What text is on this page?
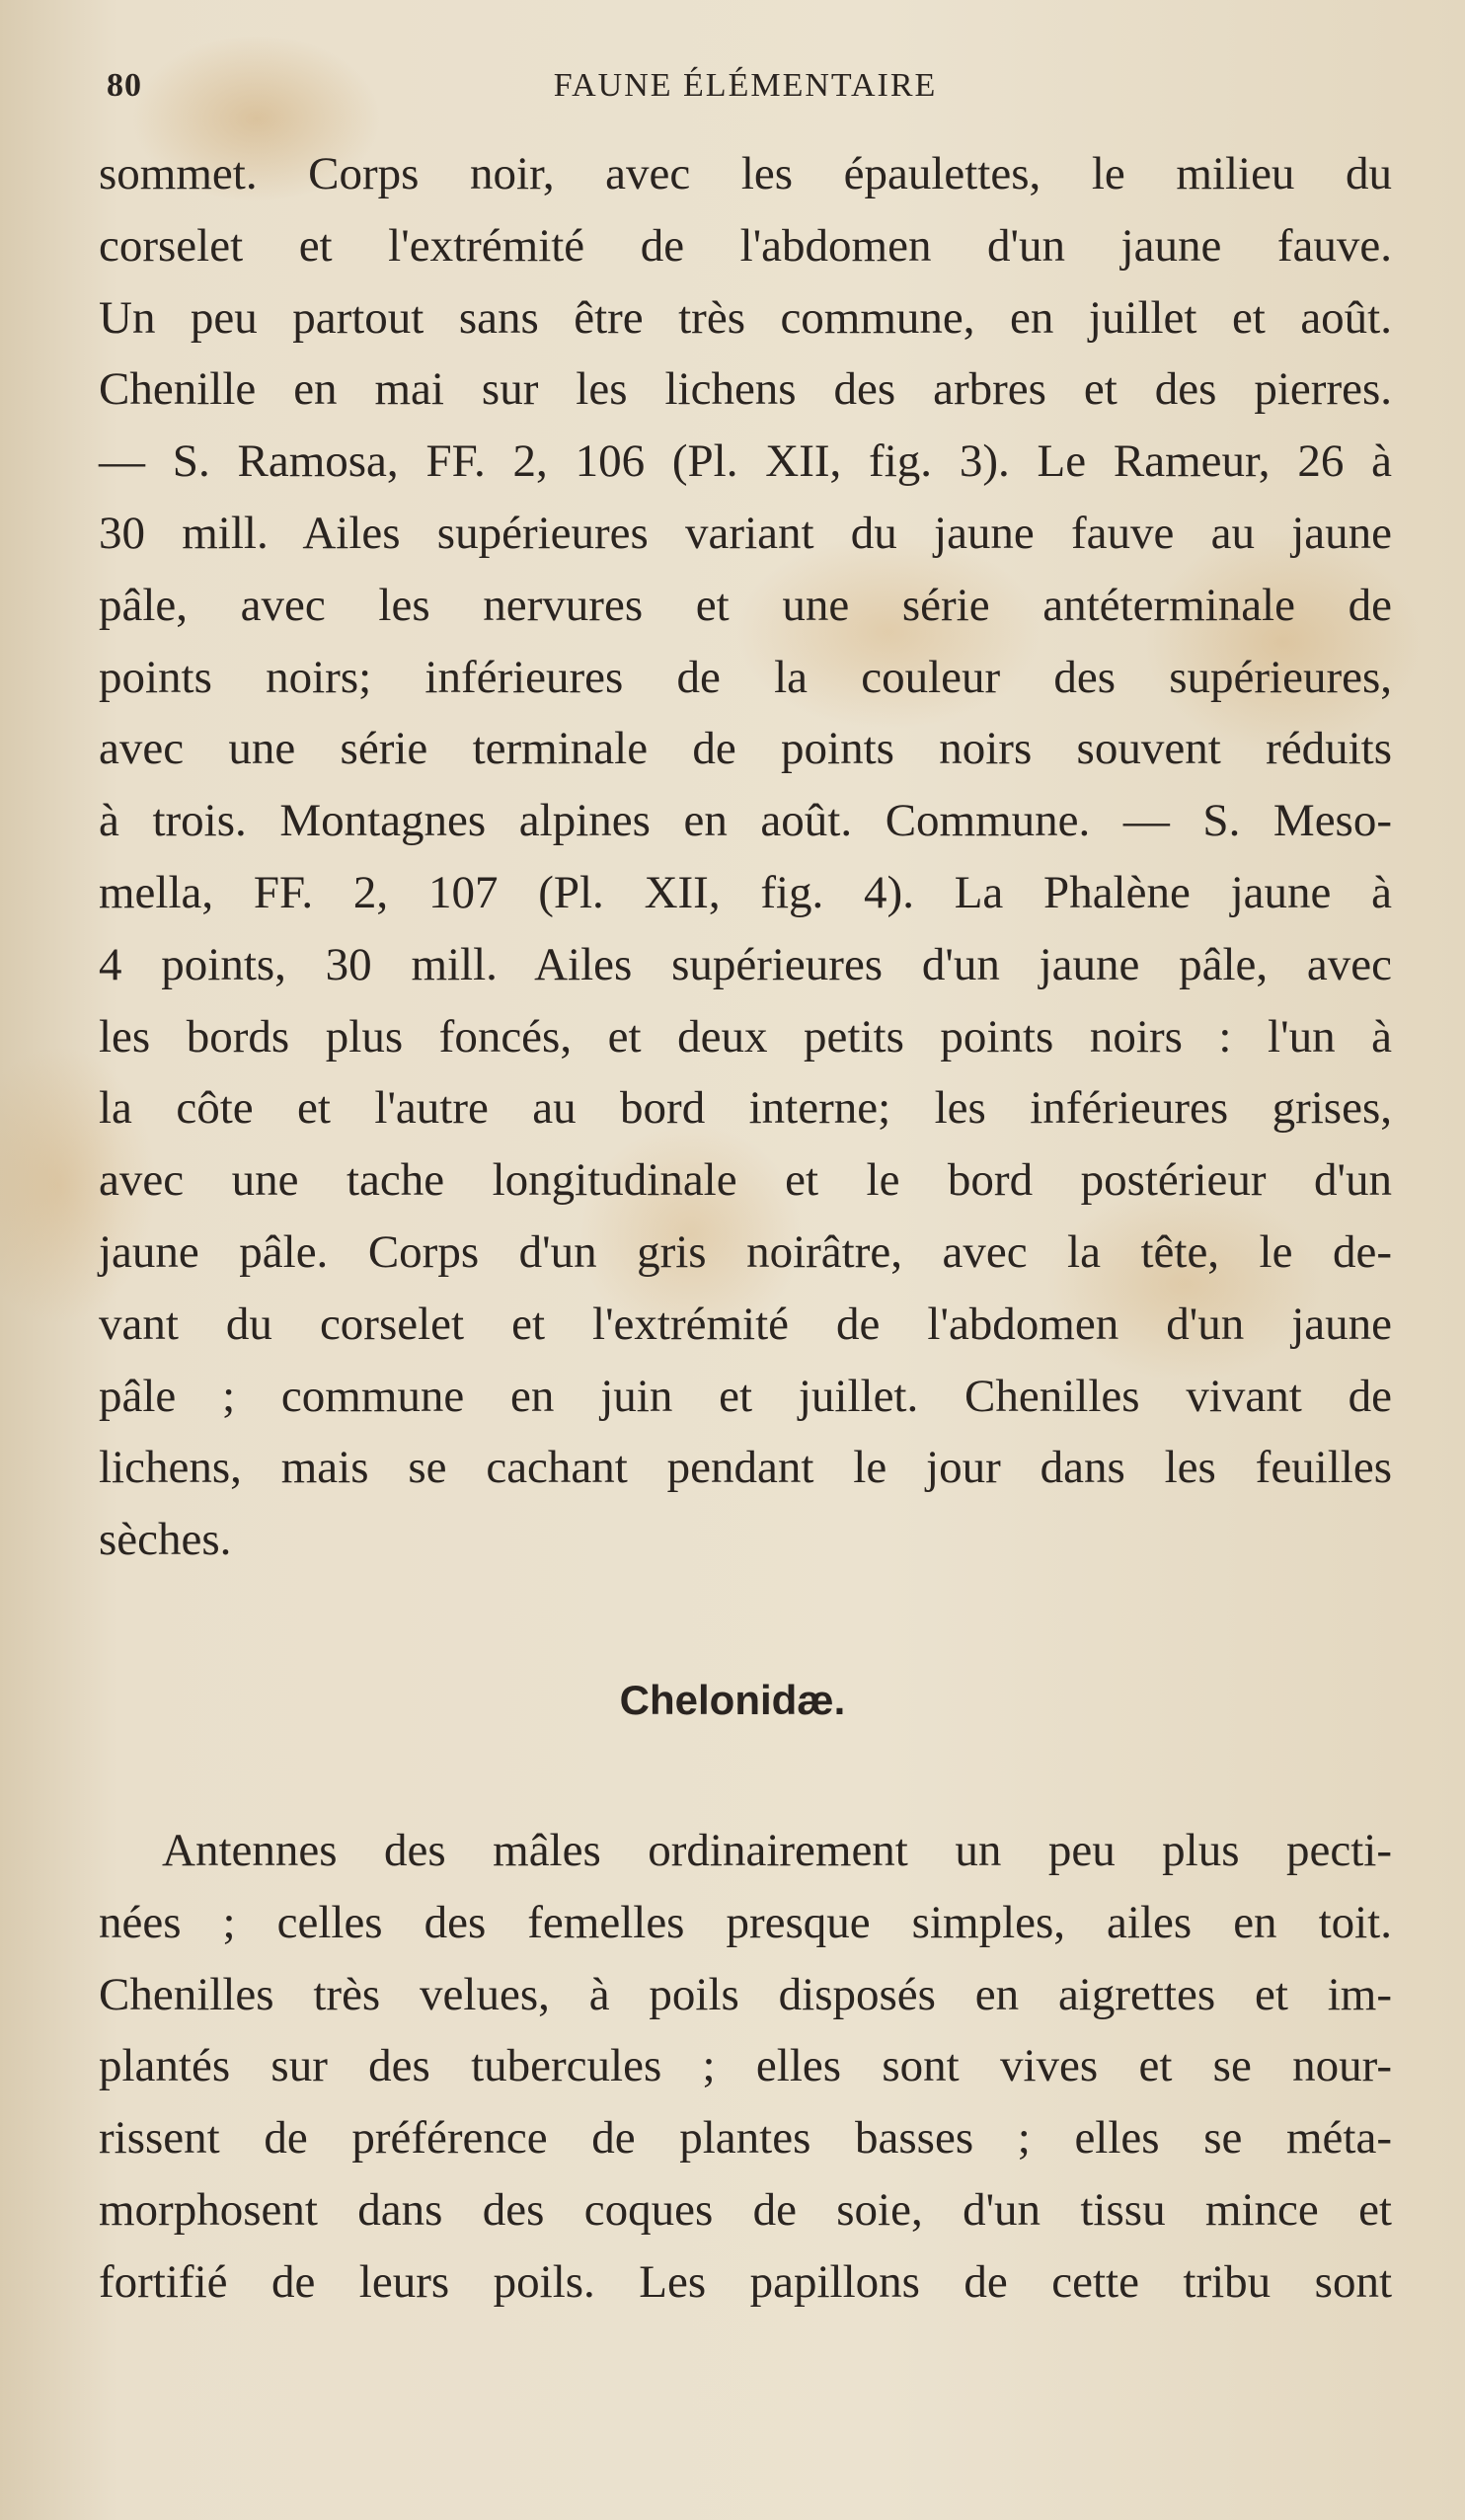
80	FAUNE ÉLÉMENTAIRE
sommet. Corps noir, avec les épaulettes, le milieu du
corselet et l'extrémité de l'abdomen d'un jaune fauve.
Un peu partout sans être très commune, en juillet et août.
Chenille en mai sur les lichens des arbres et des pierres.
— S. Ramosa, FF. 2, 106 (Pl. XII, fig. 3). Le Rameur, 26 à
30 mill. Ailes supérieures variant du jaune fauve au jaune
pâle, avec les nervures et une série antéterminale de
points noirs; inférieures de la couleur des supérieures,
avec une série terminale de points noirs souvent réduits
à trois. Montagnes alpines en août. Commune. — S. Meso-
mella, FF. 2, 107 (Pl. XII, fig. 4). La Phalène jaune à
4 points, 30 mill. Ailes supérieures d'un jaune pâle, avec
les bords plus foncés, et deux petits points noirs : l'un à
la côte et l'autre au bord interne; les inférieures grises,
avec une tache longitudinale et le bord postérieur d'un
jaune pâle. Corps d'un gris noirâtre, avec la tête, le de-
vant du corselet et l'extrémité de l'abdomen d'un jaune
pâle ; commune en juin et juillet. Chenilles vivant de
lichens, mais se cachant pendant le jour dans les feuilles
sèches.
Chelonidæ.
Antennes des mâles ordinairement un peu plus pecti-
nées ; celles des femelles presque simples, ailes en toit.
Chenilles très velues, à poils disposés en aigrettes et im-
plantés sur des tubercules ; elles sont vives et se nour-
rissent de préférence de plantes basses ; elles se méta-
morphosent dans des coques de soie, d'un tissu mince et
fortifié de leurs poils. Les papillons de cette tribu sont
